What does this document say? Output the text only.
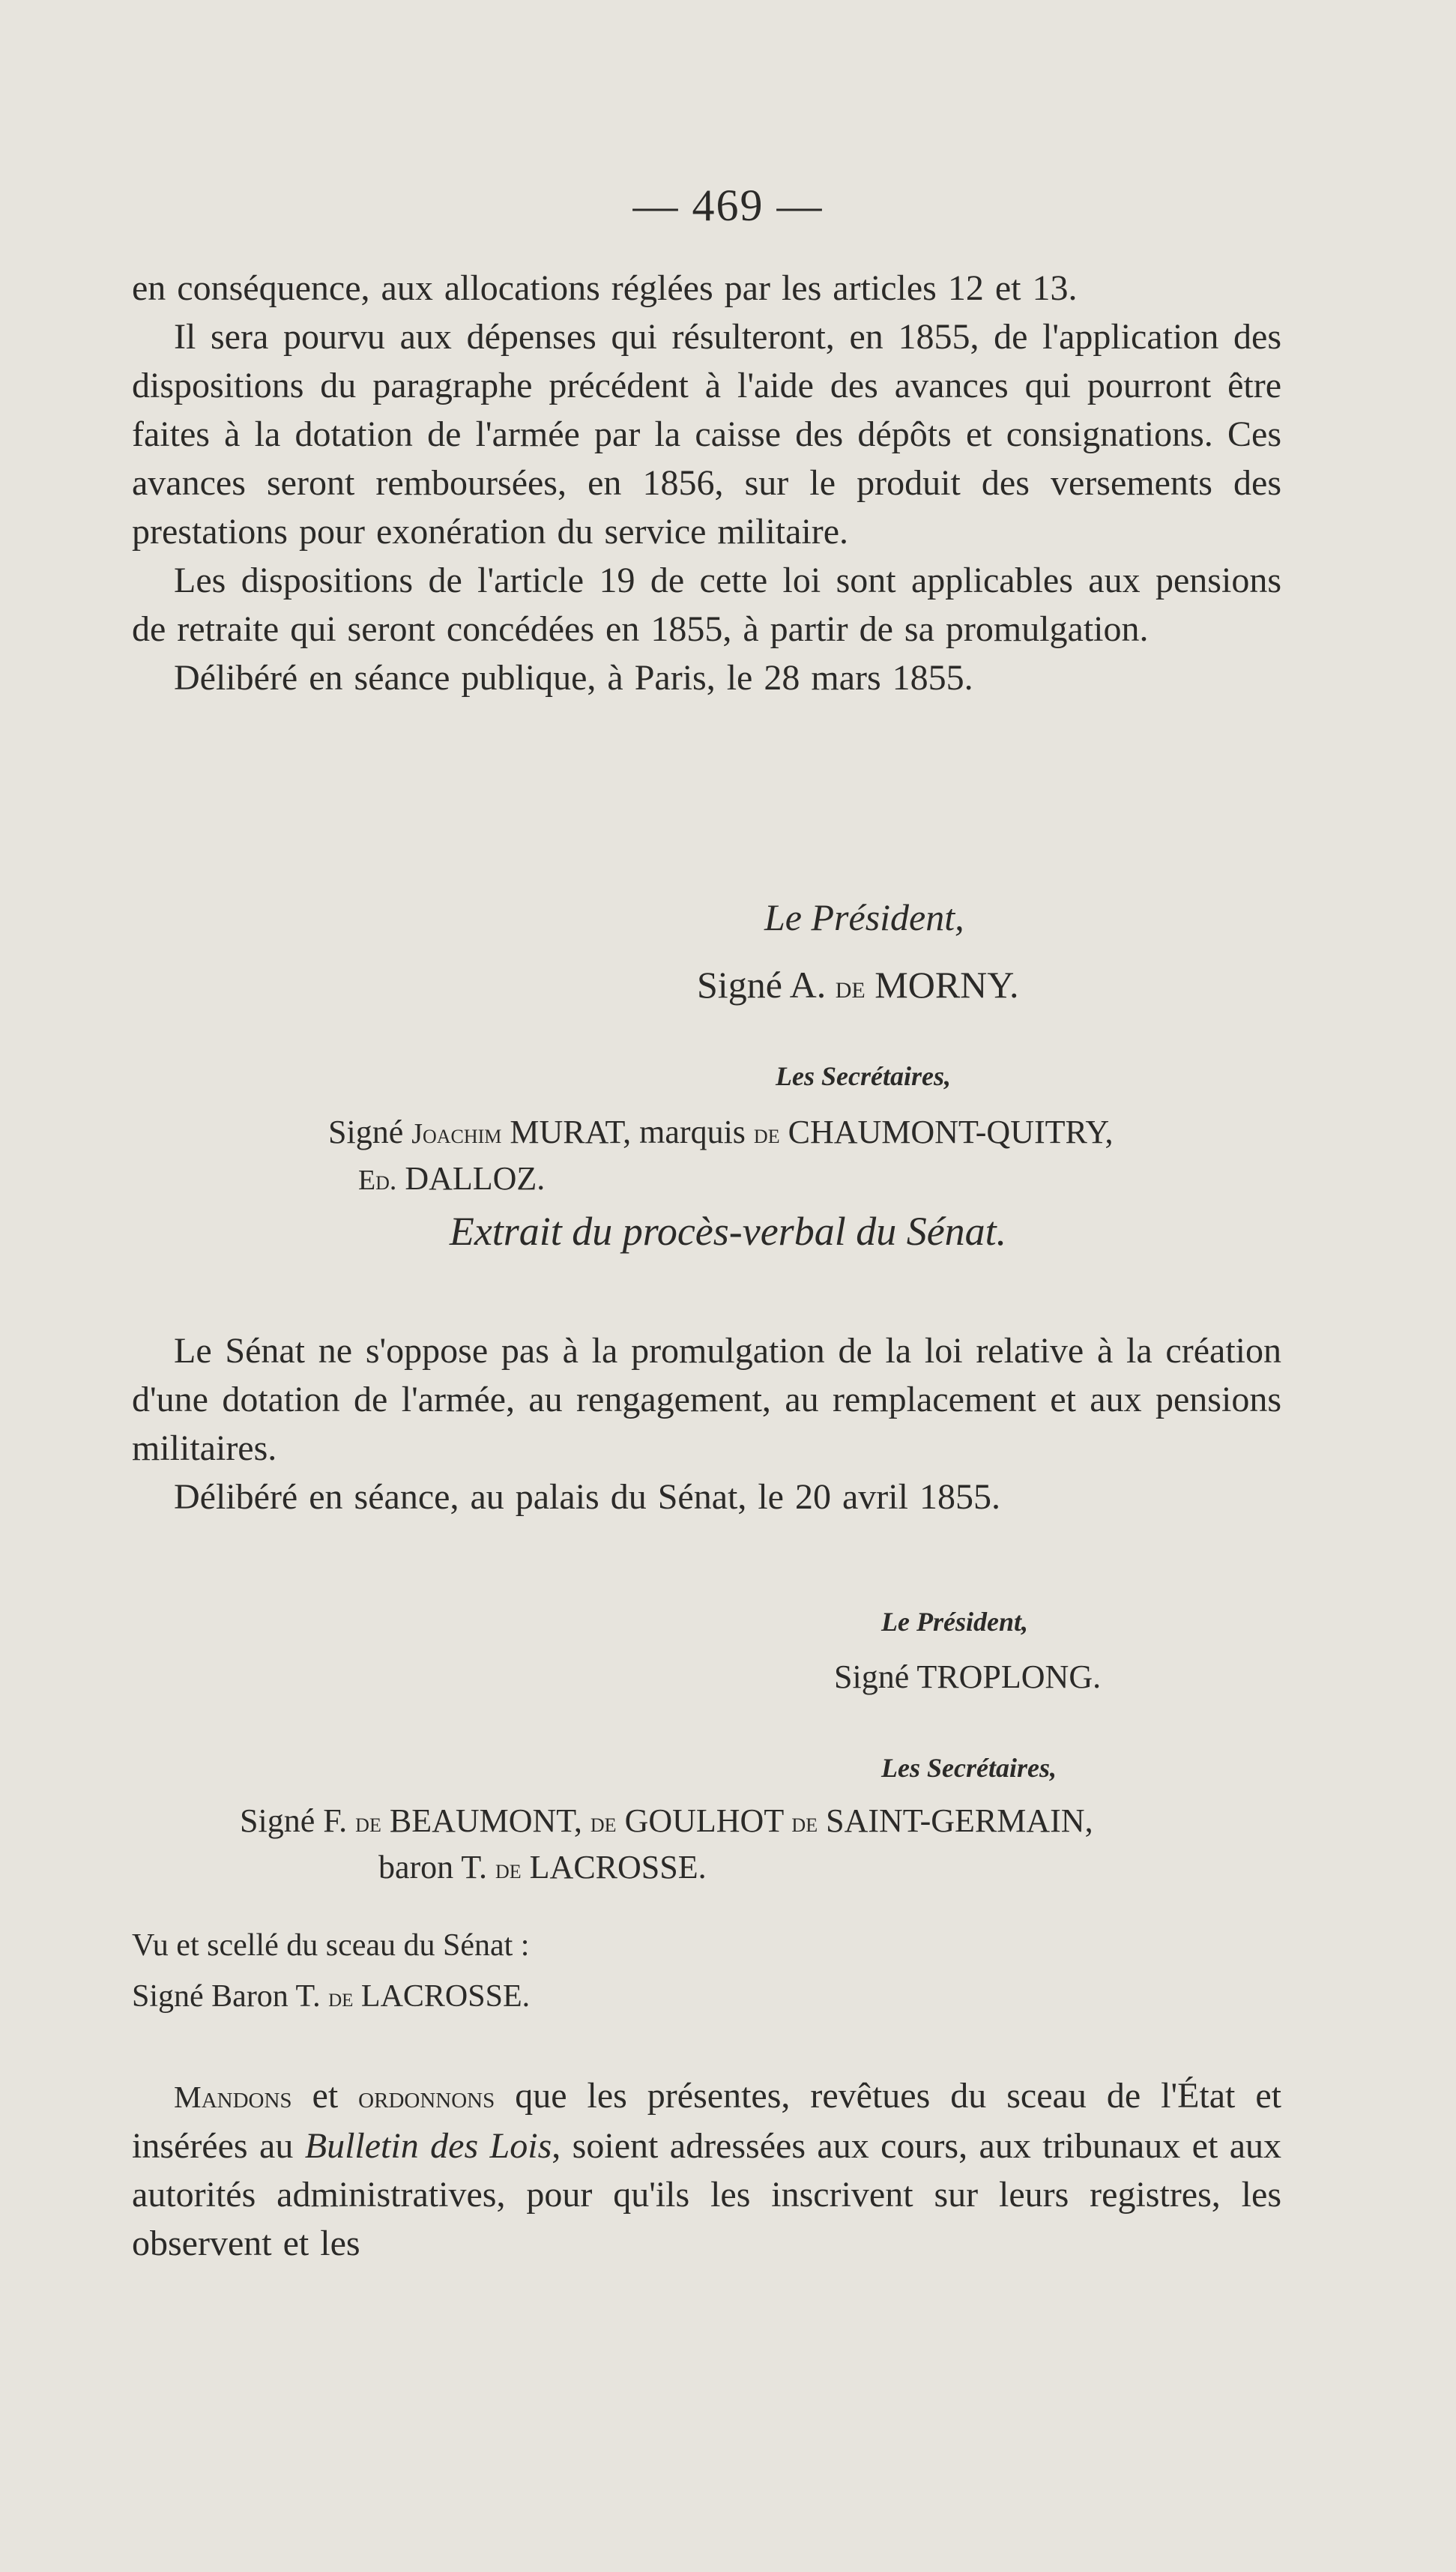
— 469 —

en conséquence, aux allocations réglées par les articles 12 et 13.

Il sera pourvu aux dépenses qui résulteront, en 1855, de l'application des dispositions du paragraphe précédent à l'aide des avances qui pourront être faites à la dotation de l'armée par la caisse des dépôts et consignations. Ces avances seront remboursées, en 1856, sur le produit des versements des prestations pour exonération du service militaire.

Les dispositions de l'article 19 de cette loi sont applicables aux pensions de retraite qui seront concédées en 1855, à partir de sa promulgation.

Délibéré en séance publique, à Paris, le 28 mars 1855.

Le Président,
Signé A. de MORNY.
Les Secrétaires,
Signé Joachim MURAT, marquis de CHAUMONT-QUITRY,
Ed. DALLOZ.
Extrait du procès-verbal du Sénat.

Le Sénat ne s'oppose pas à la promulgation de la loi relative à la création d'une dotation de l'armée, au rengagement, au remplacement et aux pensions militaires.

Délibéré en séance, au palais du Sénat, le 20 avril 1855.

Le Président,
Signé TROPLONG.
Les Secrétaires,
Signé F. de BEAUMONT, de GOULHOT de SAINT-GERMAIN,
baron T. de LACROSSE.
Vu et scellé du sceau du Sénat :
Signé Baron T. de LACROSSE.

Mandons et ordonnons que les présentes, revêtues du sceau de l'État et insérées au Bulletin des Lois, soient adressées aux cours, aux tribunaux et aux autorités administratives, pour qu'ils les inscrivent sur leurs registres, les observent et les
